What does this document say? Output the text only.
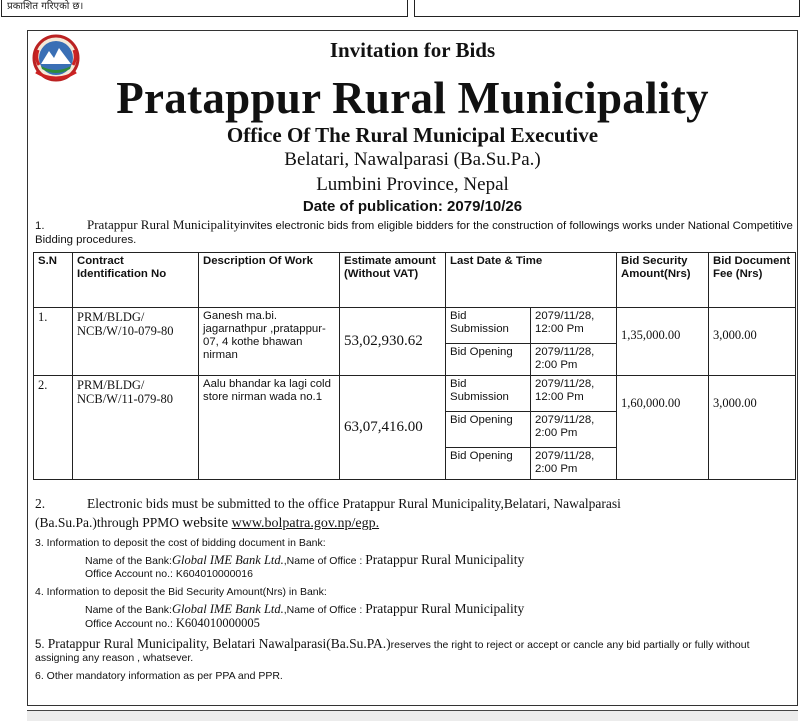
प्रकाशित गरिएको छ।
Invitation for Bids
Pratappur Rural Municipality
Office Of The Rural Municipal Executive
Belatari, Nawalparasi (Ba.Su.Pa.)
Lumbini Province, Nepal
Date of publication: 2079/10/26
1.	Pratappur Rural Municipalityinvites electronic bids from eligible bidders for the construction of followings works under National Competitive Bidding procedures.
S.N	Contract Identification No	Description Of Work	Estimate amount (Without VAT)	Last Date & Time		Bid Security Amount(Nrs)	Bid Document Fee (Nrs)
1.	PRM/BLDG/ NCB/W/10-079-80	Ganesh ma.bi. jagarnathpur ,pratappur-07, 4 kothe bhawan nirman	53,02,930.62	Bid Submission	2079/11/28, 12:00 Pm	1,35,000.00	3,000.00
				Bid Opening	2079/11/28, 2:00 Pm		
2.	PRM/BLDG/ NCB/W/11-079-80	Aalu bhandar ka lagi cold store nirman wada no.1	63,07,416.00	Bid Submission	2079/11/28, 12:00 Pm	1,60,000.00	3,000.00
				Bid Opening	2079/11/28, 2:00 Pm		
				Bid Opening	2079/11/28, 2:00 Pm		
2.	Electronic bids must be submitted to the office Pratappur Rural Municipality,Belatari, Nawalparasi
(Ba.Su.Pa.)through PPMO website www.bolpatra.gov.np/egp.
3. Information to deposit the cost of bidding document in Bank:
Name of the Bank:Global IME Bank Ltd.,Name of Office : Pratappur Rural Municipality
Office Account no.: K604010000016
4. Information to deposit the Bid Security Amount(Nrs) in Bank:
Name of the Bank:Global IME Bank Ltd.,Name of Office : Pratappur Rural Municipality
Office Account no.: K604010000005
5. Pratappur Rural Municipality, Belatari Nawalparasi(Ba.Su.PA.)reserves the right to reject or accept or cancle any bid partially or fully without assigning any reason , whatsever.
6. Other mandatory information as per PPA and PPR.
